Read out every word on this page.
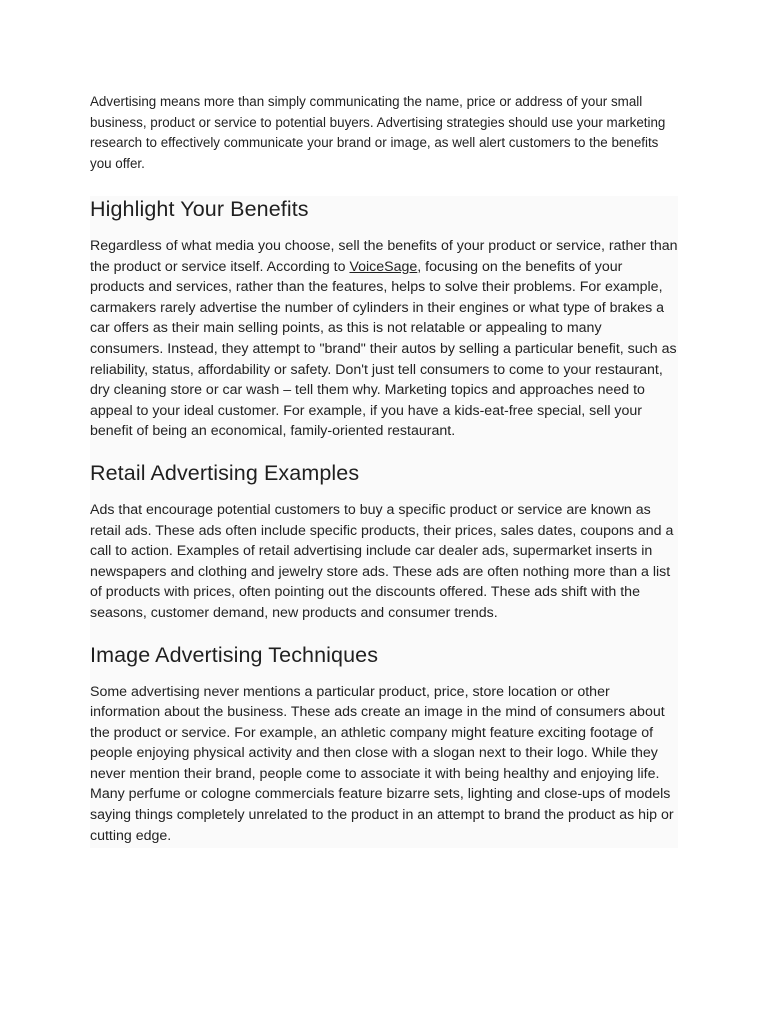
Advertising means more than simply communicating the name, price or address of your small business, product or service to potential buyers. Advertising strategies should use your marketing research to effectively communicate your brand or image, as well alert customers to the benefits you offer.

Highlight Your Benefits

Regardless of what media you choose, sell the benefits of your product or service, rather than the product or service itself. According to VoiceSage, focusing on the benefits of your products and services, rather than the features, helps to solve their problems. For example, carmakers rarely advertise the number of cylinders in their engines or what type of brakes a car offers as their main selling points, as this is not relatable or appealing to many consumers. Instead, they attempt to "brand" their autos by selling a particular benefit, such as reliability, status, affordability or safety. Don't just tell consumers to come to your restaurant, dry cleaning store or car wash – tell them why. Marketing topics and approaches need to appeal to your ideal customer. For example, if you have a kids-eat-free special, sell your benefit of being an economical, family-oriented restaurant.

Retail Advertising Examples

Ads that encourage potential customers to buy a specific product or service are known as retail ads. These ads often include specific products, their prices, sales dates, coupons and a call to action. Examples of retail advertising include car dealer ads, supermarket inserts in newspapers and clothing and jewelry store ads. These ads are often nothing more than a list of products with prices, often pointing out the discounts offered. These ads shift with the seasons, customer demand, new products and consumer trends.

Image Advertising Techniques

Some advertising never mentions a particular product, price, store location or other information about the business. These ads create an image in the mind of consumers about the product or service. For example, an athletic company might feature exciting footage of people enjoying physical activity and then close with a slogan next to their logo. While they never mention their brand, people come to associate it with being healthy and enjoying life. Many perfume or cologne commercials feature bizarre sets, lighting and close-ups of models saying things completely unrelated to the product in an attempt to brand the product as hip or cutting edge.
